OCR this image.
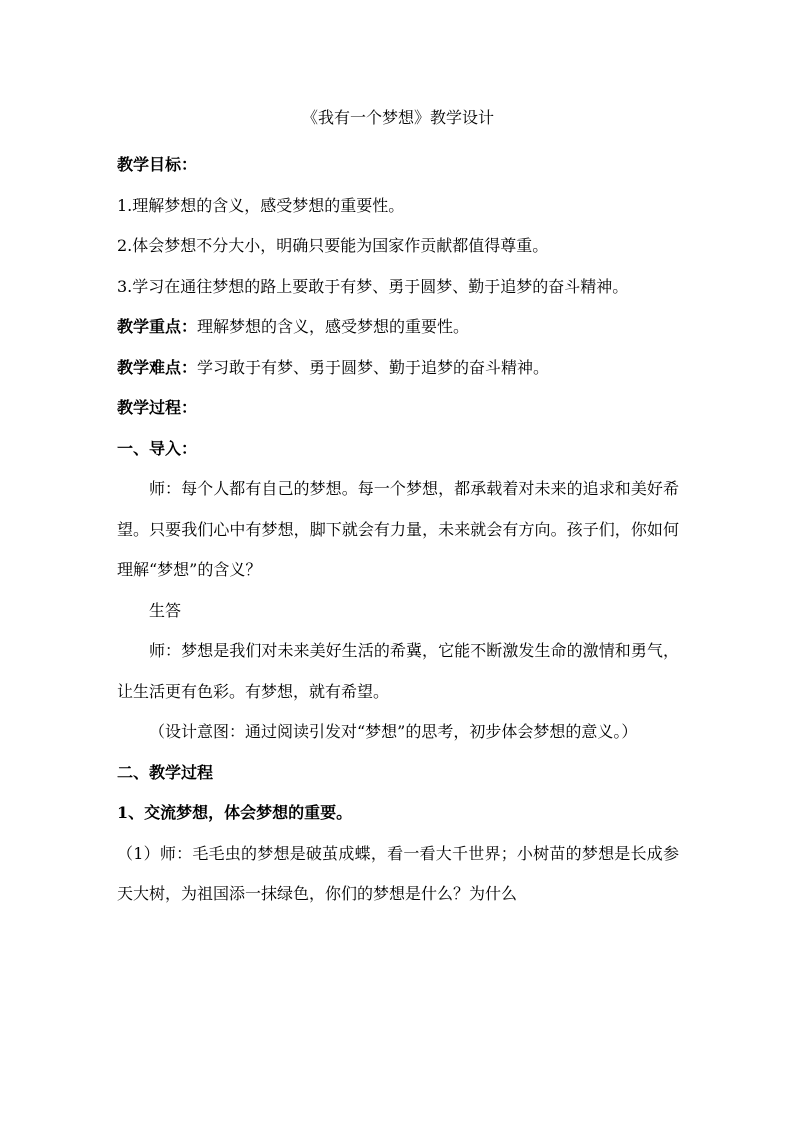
《我有一个梦想》教学设计

教学目标：

1.理解梦想的含义，感受梦想的重要性。

2.体会梦想不分大小，明确只要能为国家作贡献都值得尊重。

3.学习在通往梦想的路上要敢于有梦、勇于圆梦、勤于追梦的奋斗精神。

教学重点：理解梦想的含义，感受梦想的重要性。

教学难点：学习敢于有梦、勇于圆梦、勤于追梦的奋斗精神。

教学过程：

一、导入：

师：每个人都有自己的梦想。每一个梦想，都承载着对未来的追求和美好希望。只要我们心中有梦想，脚下就会有力量，未来就会有方向。孩子们，你如何理解“梦想”的含义？

生答

师：梦想是我们对未来美好生活的希冀，它能不断激发生命的激情和勇气，让生活更有色彩。有梦想，就有希望。

（设计意图：通过阅读引发对“梦想”的思考，初步体会梦想的意义。）

二、教学过程

1、交流梦想，体会梦想的重要。

（1）师：毛毛虫的梦想是破茧成蝶，看一看大千世界；小树苗的梦想是长成参天大树，为祖国添一抹绿色，你们的梦想是什么？为什么
